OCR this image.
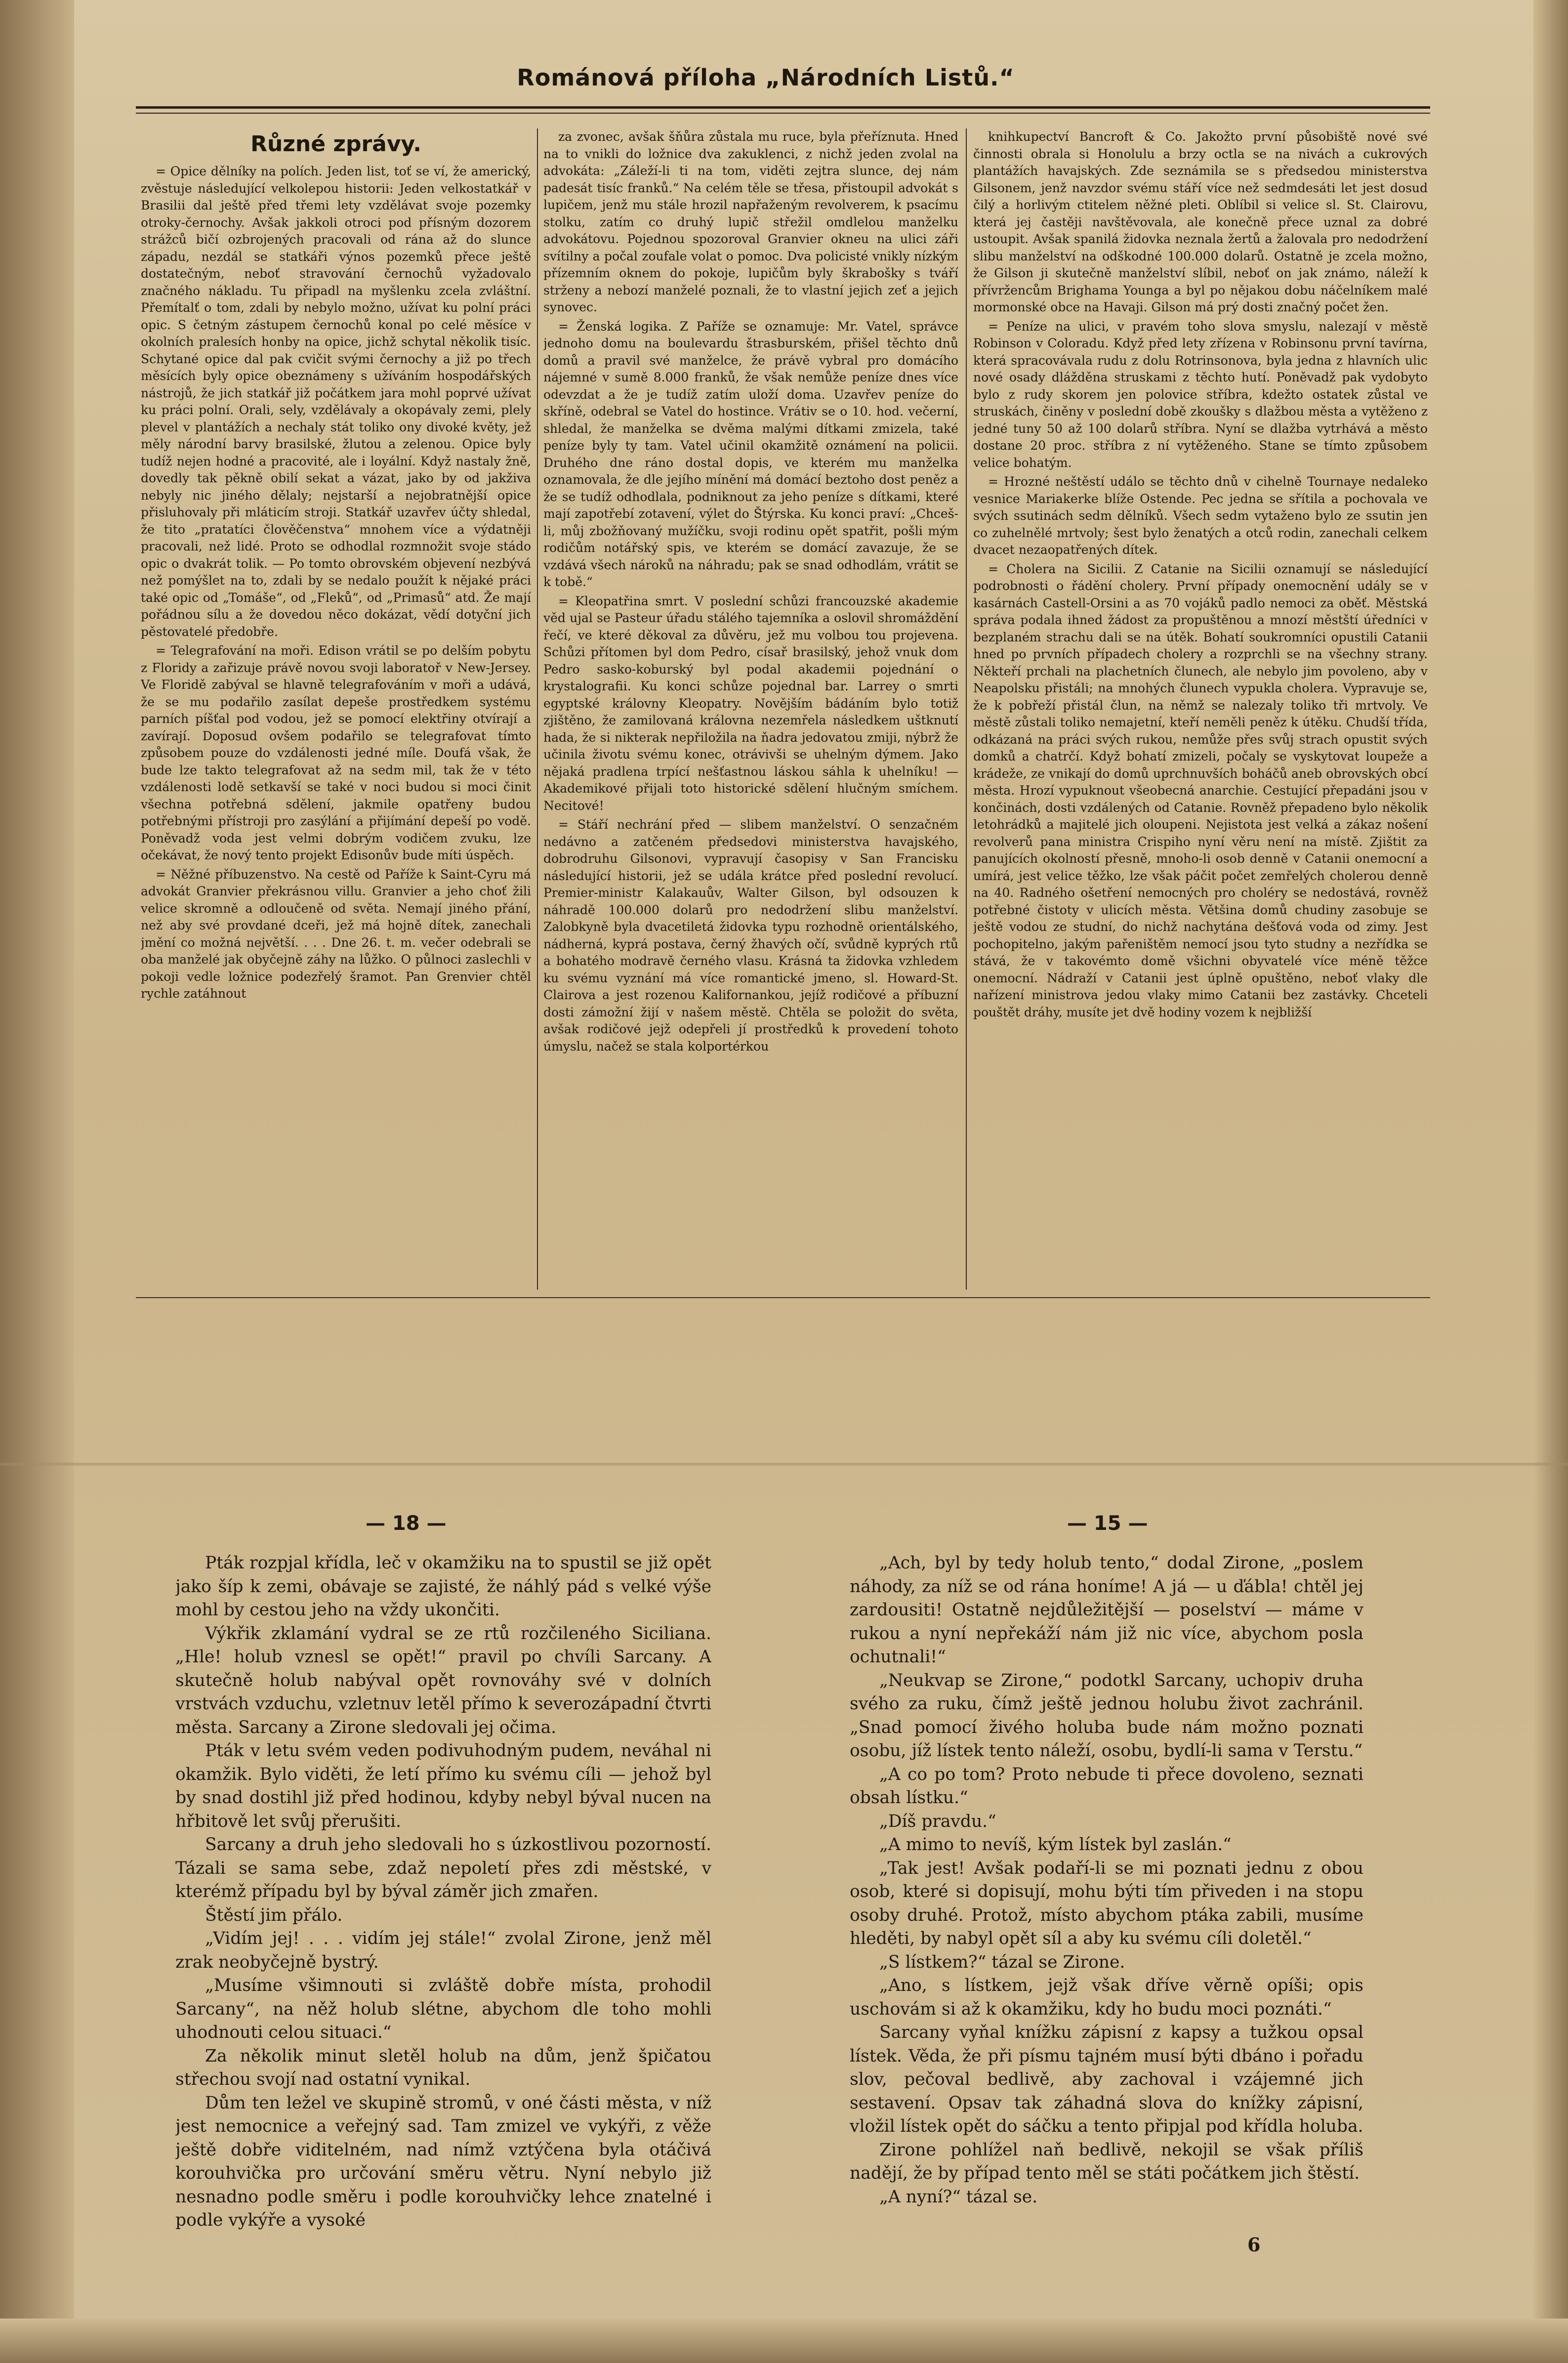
Románová příloha „Národních Listů.“
Různé zprávy.

= Opice dělníky na polích. Jeden list, toť se ví, že americký, zvěstuje následující velkolepou historii: Jeden velkostatkář v Brasilii dal ještě před třemi lety vzdělávat svoje pozemky otroky-černochy. Avšak jakkoli otroci pod přísným dozorem strážců bičí ozbrojených pracovali od rána až do slunce západu, nezdál se statkáři výnos pozemků přece ještě dostatečným, neboť stravování černochů vyžadovalo značného nákladu. Tu připadl na myšlenku zcela zvláštní. Přemítalť o tom, zdali by nebylo možno, užívat ku polní práci opic. S četným zástupem černochů konal po celé měsíce v okolních pralesích honby na opice, jichž schytal několik tisíc. Schytané opice dal pak cvičit svými černochy a již po třech měsících byly opice obeznámeny s užíváním hospodářských nástrojů, že jich statkář již počátkem jara mohl poprvé užívat ku práci polní. Orali, sely, vzdělávaly a okopávaly zemi, plely plevel v plantážích a nechaly stát toliko ony divoké květy, jež měly národní barvy brasilské, žlutou a zelenou. Opice byly tudíž nejen hodné a pracovité, ale i loyální. Když nastaly žně, dovedly tak pěkně obilí sekat a vázat, jako by od jakživa nebyly nic jiného dělaly; nejstarší a nejobratnější opice přisluhovaly při mláticím stroji. Statkář uzavřev účty shledal, že tito „pratatíci člověčenstva“ mnohem více a výdatněji pracovali, než lidé. Proto se odhodlal rozmnožit svoje stádo opic o dvakrát tolik. — Po tomto obrovském objevení nezbývá než pomýšlet na to, zdali by se nedalo použít k nějaké práci také opic od „Tomáše“, od „Fleků“, od „Primasů“ atd. Že mají pořádnou sílu a že dovedou něco dokázat, vědí dotyční jich pěstovatelé předobře.

= Telegrafování na moři. Edison vrátil se po delším pobytu z Floridy a zařizuje právě novou svoji laboratoř v New-Jersey. Ve Floridě zabýval se hlavně telegrafováním v moři a udává, že se mu podařilo zasílat depeše prostředkem systému parních píšťal pod vodou, jež se pomocí elektřiny otvírají a zavírají. Doposud ovšem podařilo se telegrafovat tímto způsobem pouze do vzdálenosti jedné míle. Doufá však, že bude lze takto telegrafovat až na sedm mil, tak že v této vzdálenosti lodě setkavší se také v noci budou si moci činit všechna potřebná sdělení, jakmile opatřeny budou potřebnými přístroji pro zasýlání a přijímání depeší po vodě. Poněvadž voda jest velmi dobrým vodičem zvuku, lze očekávat, že nový tento projekt Edisonův bude míti úspěch.

= Něžné příbuzenstvo. Na cestě od Paříže k Saint-Cyru má advokát Granvier překrásnou villu. Granvier a jeho choť žili velice skromně a odloučeně od světa. Nemají jiného přání, než aby své provdané dceři, jež má hojně dítek, zanechali jmění co možná největší. . . . Dne 26. t. m. večer odebrali se oba manželé jak obyčejně záhy na lůžko. O půlnoci zaslechli v pokoji vedle ložnice podezřelý šramot. Pan Grenvier chtěl rychle zatáhnout

za zvonec, avšak šňůra zůstala mu ruce, byla přeříznuta. Hned na to vnikli do ložnice dva zakuklenci, z nichž jeden zvolal na advokáta: „Záleží-li ti na tom, viděti zejtra slunce, dej nám padesát tisíc franků.“ Na celém těle se třesa, přistoupil advokát s lupičem, jenž mu stále hrozil napřaženým revolverem, k psacímu stolku, zatím co druhý lupič střežil omdlelou manželku advokátovu. Pojednou spozoroval Granvier okneu na ulici záři svítilny a počal zoufale volat o pomoc. Dva policisté vnikly nízkým přízemním oknem do pokoje, lupičům byly škrabošky s tváří strženy a nebozí manželé poznali, že to vlastní jejich zeť a jejich synovec.

= Ženská logika. Z Paříže se oznamuje: Mr. Vatel, správce jednoho domu na boulevardu štrasburském, přišel těchto dnů domů a pravil své manželce, že právě vybral pro domácího nájemné v sumě 8.000 franků, že však nemůže peníze dnes více odevzdat a že je tudíž zatím uloží doma. Uzavřev peníze do skříně, odebral se Vatel do hostince. Vrátiv se o 10. hod. večerní, shledal, že manželka se dvěma malými dítkami zmizela, také peníze byly ty tam. Vatel učinil okamžitě oznámení na policii. Druhého dne ráno dostal dopis, ve kterém mu manželka oznamovala, že dle jejího mínění má domácí beztoho dost peněz a že se tudíž odhodlala, podniknout za jeho peníze s dítkami, které mají zapotřebí zotavení, výlet do Štýrska. Ku konci praví: „Chceš-li, můj zbožňovaný mužíčku, svoji rodinu opět spatřit, pošli mým rodičům notářský spis, ve kterém se domácí zavazuje, že se vzdává všech nároků na náhradu; pak se snad odhodlám, vrátit se k tobě.“

= Kleopatřina smrt. V poslední schůzi francouzské akademie věd ujal se Pasteur úřadu stálého tajemníka a oslovil shromáždění řečí, ve které děkoval za důvěru, jež mu volbou tou projevena. Schůzi přítomen byl dom Pedro, císař brasilský, jehož vnuk dom Pedro sasko-koburský byl podal akademii pojednání o krystalografii. Ku konci schůze pojednal bar. Larrey o smrti egyptské královny Kleopatry. Novějším bádáním bylo totiž zjištěno, že zamilovaná královna nezemřela následkem uštknutí hada, že si nikterak nepřiložila na ňadra jedovatou zmiji, nýbrž že učinila životu svému konec, otrávivši se uhelným dýmem. Jako nějaká pradlena trpící nešťastnou láskou sáhla k uhelníku! — Akademikové přijali toto historické sdělení hlučným smíchem. Necitové!

= Stáří nechrání před — slibem manželství. O senzačném nedávno a zatčeném předsedovi ministerstva havajského, dobrodruhu Gilsonovi, vypravují časopisy v San Francisku následující historii, jež se udála krátce před poslední revolucí. Premier-ministr Kalakauův, Walter Gilson, byl odsouzen k náhradě 100.000 dolarů pro nedodržení slibu manželství. Zalobkyně byla dvacetiletá židovka typu rozhodně orientálského, nádherná, kyprá postava, černý žhavých očí, svůdně kyprých rtů a bohatého modravě černého vlasu. Krásná ta židovka vzhledem ku svému vyznání má více romantické jmeno, sl. Howard-St. Clairova a jest rozenou Kalifornankou, jejíž rodičové a příbuzní dosti zámožní žijí v našem městě. Chtěla se položit do světa, avšak rodičové jejž odepřeli jí prostředků k provedení tohoto úmyslu, načež se stala kolportérkou

knihkupectví Bancroft & Co. Jakožto první působiště nové své činnosti obrala si Honolulu a brzy octla se na nivách a cukrových plantážích havajských. Zde seznámila se s předsedou ministerstva Gilsonem, jenž navzdor svému stáří více než sedmdesáti let jest dosud čilý a horlivým ctitelem něžné pleti. Oblíbil si velice sl. St. Clairovu, která jej častěji navštěvovala, ale konečně přece uznal za dobré ustoupit. Avšak spanilá židovka neznala žertů a žalovala pro nedodržení slibu manželství na odškodné 100.000 dolarů. Ostatně je zcela možno, že Gilson ji skutečně manželství slíbil, neboť on jak známo, náleží k přívržencům Brighama Younga a byl po nějakou dobu náčelníkem malé mormonské obce na Havaji. Gilson má prý dosti značný počet žen.

= Peníze na ulici, v pravém toho slova smyslu, nalezají v městě Robinson v Coloradu. Když před lety zřízena v Robinsonu první tavírna, která spracovávala rudu z dolu Rotrinsonova, byla jedna z hlavních ulic nové osady dlážděna struskami z těchto hutí. Poněvadž pak vydobyto bylo z rudy skorem jen polovice stříbra, kdežto ostatek zůstal ve struskách, činěny v poslední době zkoušky s dlažbou města a vytěženo z jedné tuny 50 až 100 dolarů stříbra. Nyní se dlažba vytrhává a město dostane 20 proc. stříbra z ní vytěženého. Stane se tímto způsobem velice bohatým.

= Hrozné neštěstí událo se těchto dnů v cihelně Tournaye nedaleko vesnice Mariakerke blíže Ostende. Pec jedna se sřítila a pochovala ve svých ssutinách sedm dělníků. Všech sedm vytaženo bylo ze ssutin jen co zuhelnělé mrtvoly; šest bylo ženatých a otců rodin, zanechali celkem dvacet nezaopatřených dítek.

= Cholera na Sicilii. Z Catanie na Sicilii oznamují se následující podrobnosti o řádění cholery. První případy onemocnění udály se v kasárnách Castell-Orsini a as 70 vojáků padlo nemoci za oběť. Městská správa podala ihned žádost za propuštěnou a mnozí městští úředníci v bezplaném strachu dali se na útěk. Bohatí soukromníci opustili Catanii hned po prvních případech cholery a rozprchli se na všechny strany. Někteří prchali na plachetních člunech, ale nebylo jim povoleno, aby v Neapolsku přistáli; na mnohých člunech vypukla cholera. Vypravuje se, že k pobřeží přistál člun, na němž se nalezaly toliko tři mrtvoly. Ve městě zůstali toliko nemajetní, kteří neměli peněz k útěku. Chudší třída, odkázaná na práci svých rukou, nemůže přes svůj strach opustit svých domků a chatrčí. Když bohatí zmizeli, počaly se vyskytovat loupeže a krádeže, ze vnikají do domů uprchnuvších boháčů aneb obrovských obcí města. Hrozí vypuknout všeobecná anarchie. Cestující přepadáni jsou v končinách, dosti vzdálených od Catanie. Rovněž přepadeno bylo několik letohrádků a majitelé jich oloupeni. Nejistota jest velká a zákaz nošení revolverů pana ministra Crispiho nyní věru není na místě. Zjištit za panujících okolností přesně, mnoho-li osob denně v Catanii onemocní a umírá, jest velice těžko, lze však páčit počet zemřelých cholerou denně na 40. Radného ošetření nemocných pro choléry se nedostává, rovněž potřebné čistoty v ulicích města. Většina domů chudiny zasobuje se ještě vodou ze studní, do nichž nachytána dešťová voda od zimy. Jest pochopitelno, jakým pařeništěm nemocí jsou tyto studny a nezřídka se stává, že v takovémto domě všichni obyvatelé více méně těžce onemocní. Nádraží v Catanii jest úplně opuštěno, neboť vlaky dle nařízení ministrova jedou vlaky mimo Catanii bez zastávky. Chceteli pouštět dráhy, musíte jet dvě hodiny vozem k nejbližší

— 18 —	— 15 —

Pták rozpjal křídla, leč v okamžiku na to spustil se již opět jako šíp k zemi, obávaje se zajisté, že náhlý pád s velké výše mohl by cestou jeho na vždy ukončiti.

Výkřik zklamání vydral se ze rtů rozčileného Siciliana. „Hle! holub vznesl se opět!“ pravil po chvíli Sarcany. A skutečně holub nabýval opět rovnováhy své v dolních vrstvách vzduchu, vzletnuv letěl přímo k severozápadní čtvrti města. Sarcany a Zirone sledovali jej očima.

Pták v letu svém veden podivuhodným pudem, neváhal ni okamžik. Bylo viděti, že letí přímo ku svému cíli — jehož byl by snad dostihl již před hodinou, kdyby nebyl býval nucen na hřbitově let svůj přerušiti.

Sarcany a druh jeho sledovali ho s úzkostlivou pozorností. Tázali se sama sebe, zdaž nepoletí přes zdi městské, v kterémž případu byl by býval záměr jich zmařen.

Štěstí jim přálo.

„Vidím jej! . . . vidím jej stále!“ zvolal Zirone, jenž měl zrak neobyčejně bystrý.

„Musíme všimnouti si zvláště dobře místa, prohodil Sarcany“, na něž holub slétne, abychom dle toho mohli uhodnouti celou situaci.“

Za několik minut sletěl holub na dům, jenž špičatou střechou svojí nad ostatní vynikal.

Dům ten ležel ve skupině stromů, v oné části města, v níž jest nemocnice a veřejný sad. Tam zmizel ve vykýři, z věže ještě dobře viditelném, nad nímž vztýčena byla otáčivá korouhvička pro určování směru větru. Nyní nebylo již nesnadno podle směru i podle korouhvičky lehce znatelné i podle vykýře a vysoké

„Ach, byl by tedy holub tento,“ dodal Zirone, „poslem náhody, za níž se od rána honíme! A já — u ďábla! chtěl jej zardousiti! Ostatně nejdůležitější — poselství — máme v rukou a nyní nepřekáží nám již nic více, abychom posla ochutnali!“

„Neukvap se Zirone,“ podotkl Sarcany, uchopiv druha svého za ruku, čímž ještě jednou holubu život zachránil. „Snad pomocí živého holuba bude nám možno poznati osobu, jíž lístek tento náleží, osobu, bydlí-li sama v Terstu.“

„A co po tom? Proto nebude ti přece dovoleno, seznati obsah lístku.“

„Díš pravdu.“

„A mimo to nevíš, kým lístek byl zaslán.“

„Tak jest! Avšak podaří-li se mi poznati jednu z obou osob, které si dopisují, mohu býti tím přiveden i na stopu osoby druhé. Protož, místo abychom ptáka zabili, musíme hleděti, by nabyl opět síl a aby ku svému cíli doletěl.“

„S lístkem?“ tázal se Zirone.

„Ano, s lístkem, jejž však dříve věrně opíši; opis uschovám si až k okamžiku, kdy ho budu moci poznáti.“

Sarcany vyňal knížku zápisní z kapsy a tužkou opsal lístek. Věda, že při písmu tajném musí býti dbáno i pořadu slov, pečoval bedlivě, aby zachoval i vzájemné jich sestavení. Opsav tak záhadná slova do knížky zápisní, vložil lístek opět do sáčku a tento připjal pod křídla holuba.

Zirone pohlížel naň bedlivě, nekojil se však příliš nadějí, že by případ tento měl se státi počátkem jich štěstí.

„A nyní?“ tázal se.

6
